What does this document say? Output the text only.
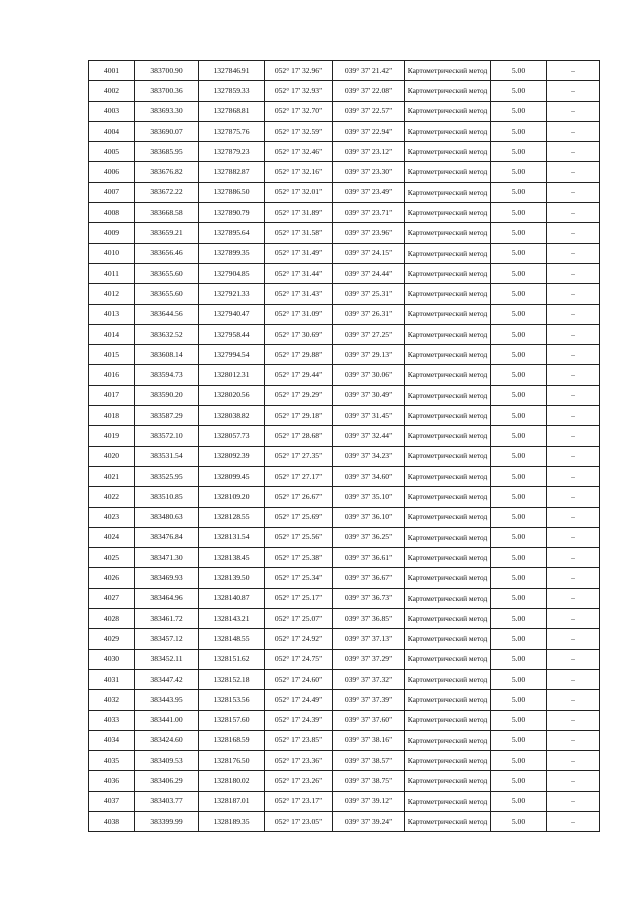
4001	383700.90	1327846.91	052° 17' 32.96"	039° 37' 21.42"	Картометрический метод	5.00	–
4002	383700.36	1327859.33	052° 17' 32.93"	039° 37' 22.08"	Картометрический метод	5.00	–
4003	383693.30	1327868.81	052° 17' 32.70"	039° 37' 22.57"	Картометрический метод	5.00	–
4004	383690.07	1327875.76	052° 17' 32.59"	039° 37' 22.94"	Картометрический метод	5.00	–
4005	383685.95	1327879.23	052° 17' 32.46"	039° 37' 23.12"	Картометрический метод	5.00	–
4006	383676.82	1327882.87	052° 17' 32.16"	039° 37' 23.30"	Картометрический метод	5.00	–
4007	383672.22	1327886.50	052° 17' 32.01"	039° 37' 23.49"	Картометрический метод	5.00	–
4008	383668.58	1327890.79	052° 17' 31.89"	039° 37' 23.71"	Картометрический метод	5.00	–
4009	383659.21	1327895.64	052° 17' 31.58"	039° 37' 23.96"	Картометрический метод	5.00	–
4010	383656.46	1327899.35	052° 17' 31.49"	039° 37' 24.15"	Картометрический метод	5.00	–
4011	383655.60	1327904.85	052° 17' 31.44"	039° 37' 24.44"	Картометрический метод	5.00	–
4012	383655.60	1327921.33	052° 17' 31.43"	039° 37' 25.31"	Картометрический метод	5.00	–
4013	383644.56	1327940.47	052° 17' 31.09"	039° 37' 26.31"	Картометрический метод	5.00	–
4014	383632.52	1327958.44	052° 17' 30.69"	039° 37' 27.25"	Картометрический метод	5.00	–
4015	383608.14	1327994.54	052° 17' 29.88"	039° 37' 29.13"	Картометрический метод	5.00	–
4016	383594.73	1328012.31	052° 17' 29.44"	039° 37' 30.06"	Картометрический метод	5.00	–
4017	383590.20	1328020.56	052° 17' 29.29"	039° 37' 30.49"	Картометрический метод	5.00	–
4018	383587.29	1328038.82	052° 17' 29.18"	039° 37' 31.45"	Картометрический метод	5.00	–
4019	383572.10	1328057.73	052° 17' 28.68"	039° 37' 32.44"	Картометрический метод	5.00	–
4020	383531.54	1328092.39	052° 17' 27.35"	039° 37' 34.23"	Картометрический метод	5.00	–
4021	383525.95	1328099.45	052° 17' 27.17"	039° 37' 34.60"	Картометрический метод	5.00	–
4022	383510.85	1328109.20	052° 17' 26.67"	039° 37' 35.10"	Картометрический метод	5.00	–
4023	383480.63	1328128.55	052° 17' 25.69"	039° 37' 36.10"	Картометрический метод	5.00	–
4024	383476.84	1328131.54	052° 17' 25.56"	039° 37' 36.25"	Картометрический метод	5.00	–
4025	383471.30	1328138.45	052° 17' 25.38"	039° 37' 36.61"	Картометрический метод	5.00	–
4026	383469.93	1328139.50	052° 17' 25.34"	039° 37' 36.67"	Картометрический метод	5.00	–
4027	383464.96	1328140.87	052° 17' 25.17"	039° 37' 36.73"	Картометрический метод	5.00	–
4028	383461.72	1328143.21	052° 17' 25.07"	039° 37' 36.85"	Картометрический метод	5.00	–
4029	383457.12	1328148.55	052° 17' 24.92"	039° 37' 37.13"	Картометрический метод	5.00	–
4030	383452.11	1328151.62	052° 17' 24.75"	039° 37' 37.29"	Картометрический метод	5.00	–
4031	383447.42	1328152.18	052° 17' 24.60"	039° 37' 37.32"	Картометрический метод	5.00	–
4032	383443.95	1328153.56	052° 17' 24.49"	039° 37' 37.39"	Картометрический метод	5.00	–
4033	383441.00	1328157.60	052° 17' 24.39"	039° 37' 37.60"	Картометрический метод	5.00	–
4034	383424.60	1328168.59	052° 17' 23.85"	039° 37' 38.16"	Картометрический метод	5.00	–
4035	383409.53	1328176.50	052° 17' 23.36"	039° 37' 38.57"	Картометрический метод	5.00	–
4036	383406.29	1328180.02	052° 17' 23.26"	039° 37' 38.75"	Картометрический метод	5.00	–
4037	383403.77	1328187.01	052° 17' 23.17"	039° 37' 39.12"	Картометрический метод	5.00	–
4038	383399.99	1328189.35	052° 17' 23.05"	039° 37' 39.24"	Картометрический метод	5.00	–
